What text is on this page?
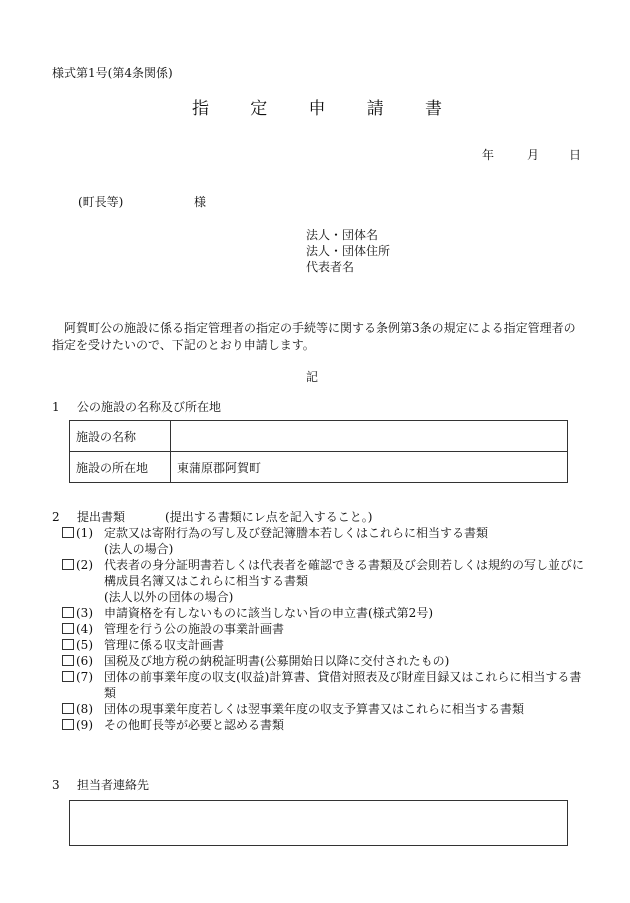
様式第1号(第4条関係)
指 定 申 請 書
年	月 日
(町長等)	様
法人・団体名
法人・団体住所
代表者名
阿賀町公の施設に係る指定管理者の指定の手続等に関する条例第3条の規定による指定管理者の指定を受けたいので、下記のとおり申請します。
記
1 公の施設の名称及び所在地
施設の名称	
施設の所在地	東蒲原郡阿賀町
2 提出書類	(提出する書類にレ点を記入すること。)
(1) 定款又は寄附行為の写し及び登記簿謄本若しくはこれらに相当する書類
(法人の場合)
(2) 代表者の身分証明書若しくは代表者を確認できる書類及び会則若しくは規約の写し並びに構成員名簿又はこれらに相当する書類
(法人以外の団体の場合)
(3) 申請資格を有しないものに該当しない旨の申立書(様式第2号)
(4) 管理を行う公の施設の事業計画書
(5) 管理に係る収支計画書
(6) 国税及び地方税の納税証明書(公募開始日以降に交付されたもの)
(7) 団体の前事業年度の収支(収益)計算書、貸借対照表及び財産目録又はこれらに相当する書類
(8) 団体の現事業年度若しくは翌事業年度の収支予算書又はこれらに相当する書類
(9) その他町長等が必要と認める書類
3 担当者連絡先
